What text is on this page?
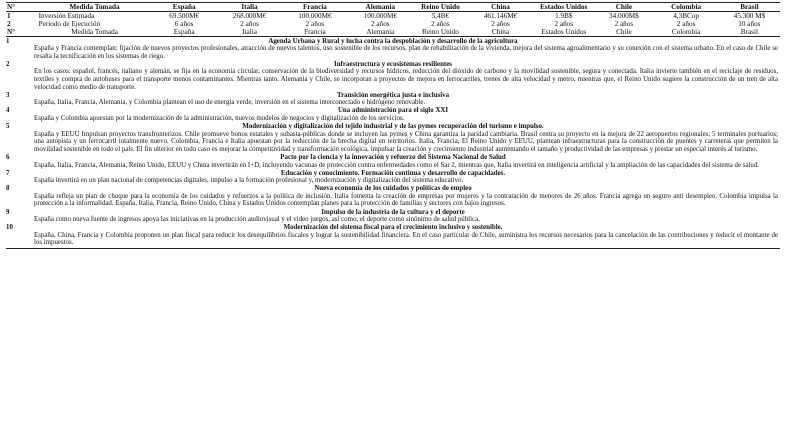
N°	Medida Tomada	España	Italia	Francia	Alemania	Reino Unido	China	Estados Unidos	Chile	Colombia	Brasil
1	Inversión Estimada	69.500M€	268.000M€	100.000M€	100.000M€	5,4B€	461.146M€	1.9B$	34.000M$	4,3BCop	45.300 M$
2	Periodo de Ejecución	6 años	2 años	2 años	2 años	2 años	2 años	2 años	2 años	2 años	10 años
N°	Medida Tomada	España	Italia	Francia	Alemania	Reino Unido	China	Estados Unidos	Chile	Colombia	Brasil
1	Agenda Urbana y Rural y lucha contra la despoblación y desarrollo de la agricultura
España y Francia contemplan: fijación de nuevos proyectos profesionales, atracción de nuevos talentos, uso sostenible de los recursos, plan de rehabilitación de la vivienda, mejora del sistema agroalimentario y su conexión con el sistema urbano. En el caso de Chile se resalta la tecnificación en los sistemas de riego.
2	Infraestructura y ecosistemas resilientes
En los casos: español, francés, italiano y alemán, se fija en la economía circular, conservación de la biodiversidad y recursos hídricos, reducción del dióxido de carbono y la movilidad sostenible, segura y conectada. Italia invierte también en el reciclaje de residuos, textiles y compra de autobuses para el transporte menos contaminantes. Mientras tanto, Alemania y Chile, se incorporan a proyectos de mejora en ferrocarriles, trenes de alta velocidad y metro, mientras que, el Reino Unido sugiere la construcción de un tren de alta velocidad como medio de transporte.
3	Transición energética justa e inclusiva
España, Italia, Francia, Alemania, y Colombia plantean el uso de energía verde, inversión en el sistema interconectado e hidrógeno renovable.
4	Una administración para el siglo XXI
España y Colombia apuestan por la modernización de la administración, nuevos modelos de negocios y digitalización de los servicios.
5	Modernización y digitalización del tejido industrial y de las pymes recuperación del turismo e impulso.
España y EEUU Impulsan proyectos transfronterizos. Chile promueve bonos estatales y subasta-públicas donde se incluyen las pymes y China garantiza la paridad cambiaria. Brasil centra su proyecto en la mejora de 22 aeropuertos regionales; 5 terminales portuarios; una autopista y un ferrocarril totalmente nuevo. Colombia, Francia e Italia apuestan por la reducción de la brecha digital en territorios. Italia, Francia, El Reino Unido y EEUU, plantean infraestructuras para la construcción de puentes y carreteras que permiten la movilidad sostenible en todo el país. El fin ulterior en todo caso es mejorar la competitividad y transformación ecológica, impulsar la creación y crecimiento industrial aumentando el tamaño y productividad de las empresas y prestar un especial interés al turismo.
6	Pacto por la ciencia y la innovación y refuerzo del Sistema Nacional de Salud
España, Italia, Francia, Alemania, Reino Unido, EEUU y China invertirán en I+D, incluyendo vacunas de protección contra enfermedades como el Sar 2, mientras que, Italia invertirá en inteligencia artificial y la ampliación de las capacidades del sistema de salud.
7	Educación y conocimiento. Formación continua y desarrollo de capacidades.
España invertirá en un plan nacional de competencias digitales, impulso a la formación profesional y, modernización y digitalización del sistema educativo.
8	Nueva economía de los cuidados y políticas de empleo
España refleja un plan de choque para la economía de los cuidados y refuerzos a la política de inclusión. Italia fomenta la creación de empresas por mujeres y la contratación de menores de 26 años. Francia agrega un seguro anti desempleo. Colombia impulsa la protección a la informalidad. España, Italia, Francia, Reino Unido, China y Estados Unidos contemplan planes para la protección de familias y sectores con bajos ingresos.
9	Impulso de la industria de la cultura y el deporte
España como nueva fuente de ingresos apoya las iniciativas en la producción audiovisual y el video juegos, así como, el deporte como sinónimo de salud pública.
10	Modernización del sistema fiscal para el crecimiento inclusivo y sostenible.
España, China, Francia y Colombia proponen un plan fiscal para reducir los desequilibrios fiscales y lograr la sostenibilidad financiera. En el caso particular de Chile, suministra los recursos necesarios para la cancelación de las contribuciones y reducir el montante de los impuestos.
